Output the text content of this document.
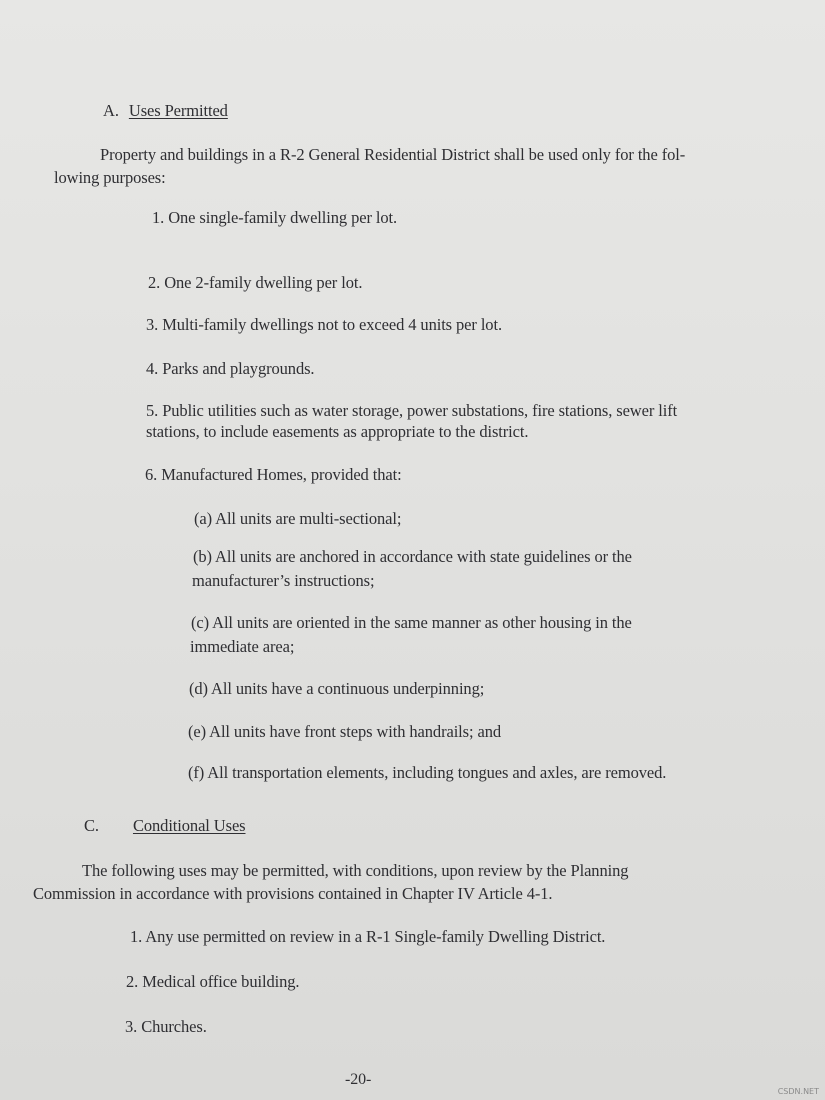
A. Uses Permitted
Property and buildings in a R-2 General Residential District shall be used only for the fol-
lowing purposes:
1. One single-family dwelling per lot.
2. One 2-family dwelling per lot.
3. Multi-family dwellings not to exceed 4 units per lot.
4. Parks and playgrounds.
5. Public utilities such as water storage, power substations, fire stations, sewer lift
stations, to include easements as appropriate to the district.
6. Manufactured Homes, provided that:
(a) All units are multi-sectional;
(b) All units are anchored in accordance with state guidelines or the
manufacturer’s instructions;
(c) All units are oriented in the same manner as other housing in the
immediate area;
(d) All units have a continuous underpinning;
(e) All units have front steps with handrails; and
(f) All transportation elements, including tongues and axles, are removed.
C. Conditional Uses
The following uses may be permitted, with conditions, upon review by the Planning
Commission in accordance with provisions contained in Chapter IV Article 4-1.
1. Any use permitted on review in a R-1 Single-family Dwelling District.
2. Medical office building.
3. Churches.
-20-
CSDN.NET
